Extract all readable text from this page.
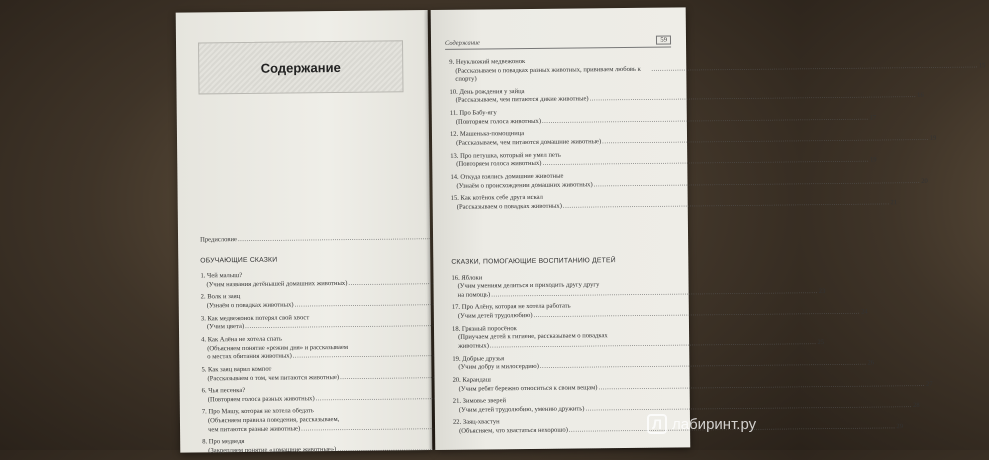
Содержание
Предисловие
.....
ОБУЧАЮЩИЕ СКАЗКИ
1. Чей малыш?
(Учим названия детёнышей домашних животных)
.....
2. Волк и заяц
(Узнаём о повадках животных)
.....
3. Как медвежонок потерял свой хвост
(Учим цвета)
.....
4. Как Алёна не хотела спать
(Объясняем понятие «режим дня» и рассказываем
о местах обитания животных)
.....
5. Как заяц варил компот
(Рассказываем о том, чем питаются животные)
.....
6. Чья песенка?
(Повторяем голоса разных животных)
.....
7. Про Машу, которая не хотела обедать
(Объясняем правила поведения, рассказываем,
чем питаются разные животные)
.....
8. Про медведя
(Закрепляем понятие «домашние животные»)
.....
Содержание	59
9. Неуклюжий медвежонок
(Рассказываем о повадках разных животных, прививаем любовь к спорту)
.....
15
10. День рождения у зайца
(Рассказываем, чем питаются дикие животные) .....	16
11. Про Бабу-ягу
(Повторяем голоса животных) .....	17
12. Машенька-помощница
(Рассказываем, чем питаются домашние животные) .....	19
13. Про петушка, который не умел петь
(Повторяем голоса животных) .....	19
14. Откуда взялись домашние животные
(Узнаём о происхождении домашних животных) .....	20
15. Как котёнок себе друга искал
(Рассказываем о повадках животных) .....	21
СКАЗКИ, ПОМОГАЮЩИЕ ВОСПИТАНИЮ ДЕТЕЙ
16. Яблоки
(Учим умениям делиться и приходить другу другу
на помощь) .....	23
17. Про Алёну, которая не хотела работать
(Учим детей трудолюбию) .....	24
18. Грязный поросёнок
(Приучаем детей к гигиене, рассказываем о повадках
животных) .....	25
19. Добрые друзья
(Учим добру и милосердию) .....	26
20. Карандаш
(Учим ребят бережно относиться к своим вещам) .....	27
21. Зимовье зверей
(Учим детей трудолюбию, умению дружить) .....	28
22. Заяц-хвастун
(Объясняем, что хвастаться нехорошо) .....	29
Л лабиринт.ру
